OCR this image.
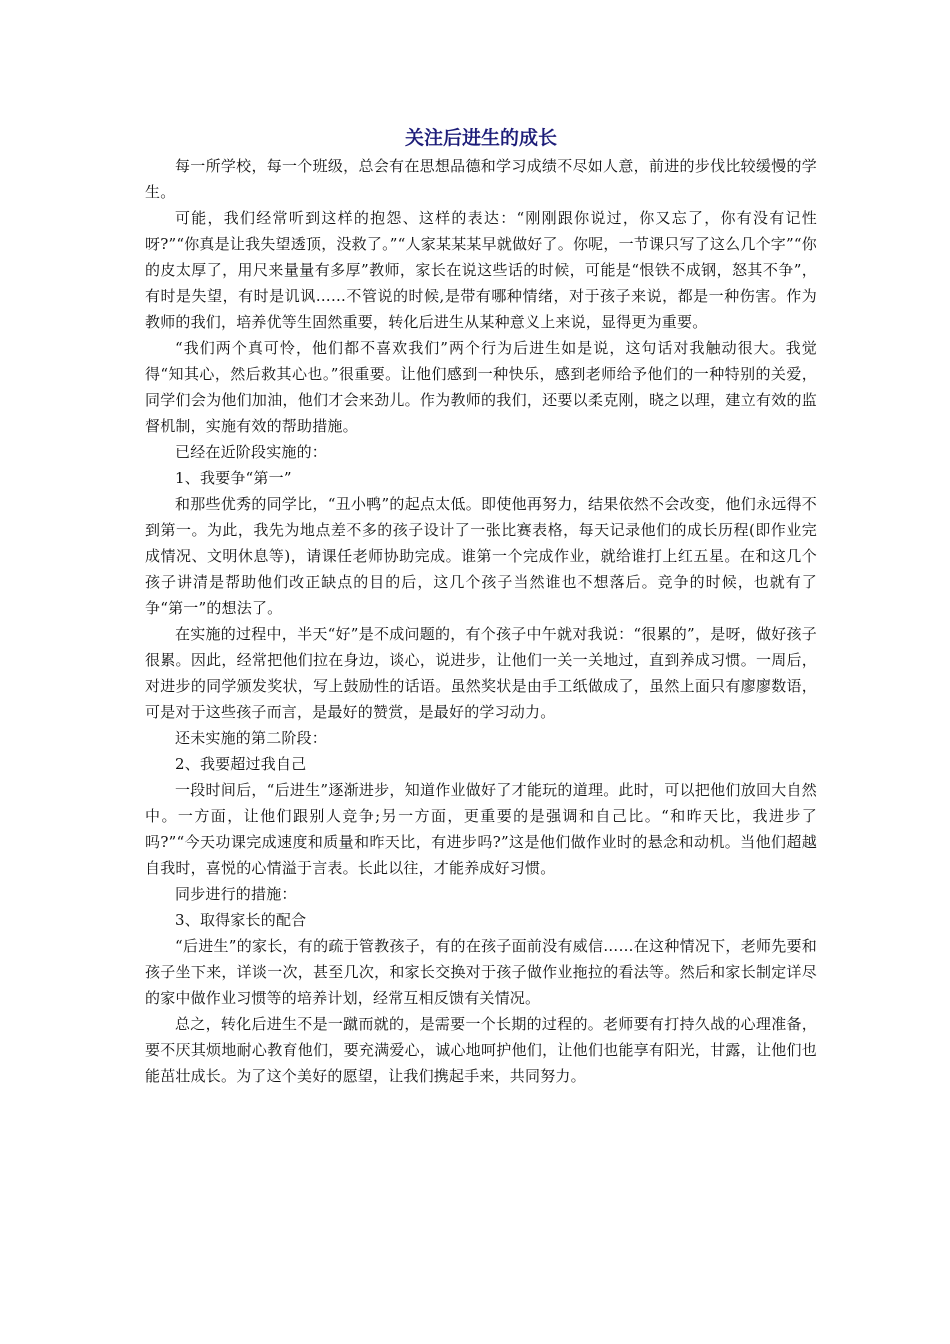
关注后进生的成长

每一所学校，每一个班级，总会有在思想品德和学习成绩不尽如人意，前进的步伐比较缓慢的学生。

可能，我们经常听到这样的抱怨、这样的表达：“刚刚跟你说过，你又忘了，你有没有记性呀?”“你真是让我失望透顶，没救了。”“人家某某某早就做好了。你呢，一节课只写了这么几个字”“你的皮太厚了，用尺来量量有多厚”教师，家长在说这些话的时候，可能是“恨铁不成钢，怒其不争”，有时是失望，有时是讥讽……不管说的时候,是带有哪种情绪，对于孩子来说，都是一种伤害。作为教师的我们，培养优等生固然重要，转化后进生从某种意义上来说，显得更为重要。

“我们两个真可怜，他们都不喜欢我们”两个行为后进生如是说，这句话对我触动很大。我觉得“知其心，然后救其心也。”很重要。让他们感到一种快乐，感到老师给予他们的一种特别的关爱，同学们会为他们加油，他们才会来劲儿。作为教师的我们，还要以柔克刚，晓之以理，建立有效的监督机制，实施有效的帮助措施。

已经在近阶段实施的：

1、我要争“第一”

和那些优秀的同学比，“丑小鸭”的起点太低。即使他再努力，结果依然不会改变，他们永远得不到第一。为此，我先为地点差不多的孩子设计了一张比赛表格，每天记录他们的成长历程(即作业完成情况、文明休息等)，请课任老师协助完成。谁第一个完成作业，就给谁打上红五星。在和这几个孩子讲清是帮助他们改正缺点的目的后，这几个孩子当然谁也不想落后。竞争的时候，也就有了争“第一”的想法了。

在实施的过程中，半天“好”是不成问题的，有个孩子中午就对我说：“很累的”，是呀，做好孩子很累。因此，经常把他们拉在身边，谈心，说进步，让他们一关一关地过，直到养成习惯。一周后，对进步的同学颁发奖状，写上鼓励性的话语。虽然奖状是由手工纸做成了，虽然上面只有廖廖数语，可是对于这些孩子而言，是最好的赞赏，是最好的学习动力。

还未实施的第二阶段：

2、我要超过我自己

一段时间后，“后进生”逐渐进步，知道作业做好了才能玩的道理。此时，可以把他们放回大自然中。一方面，让他们跟别人竞争;另一方面，更重要的是强调和自己比。“和昨天比，我进步了吗?”“今天功课完成速度和质量和昨天比，有进步吗?”这是他们做作业时的悬念和动机。当他们超越自我时，喜悦的心情溢于言表。长此以往，才能养成好习惯。

同步进行的措施：

3、取得家长的配合

“后进生”的家长，有的疏于管教孩子，有的在孩子面前没有威信……在这种情况下，老师先要和孩子坐下来，详谈一次，甚至几次，和家长交换对于孩子做作业拖拉的看法等。然后和家长制定详尽的家中做作业习惯等的培养计划，经常互相反馈有关情况。

总之，转化后进生不是一蹴而就的，是需要一个长期的过程的。老师要有打持久战的心理准备，要不厌其烦地耐心教育他们，要充满爱心，诚心地呵护他们，让他们也能享有阳光，甘露，让他们也能茁壮成长。为了这个美好的愿望，让我们携起手来，共同努力。
